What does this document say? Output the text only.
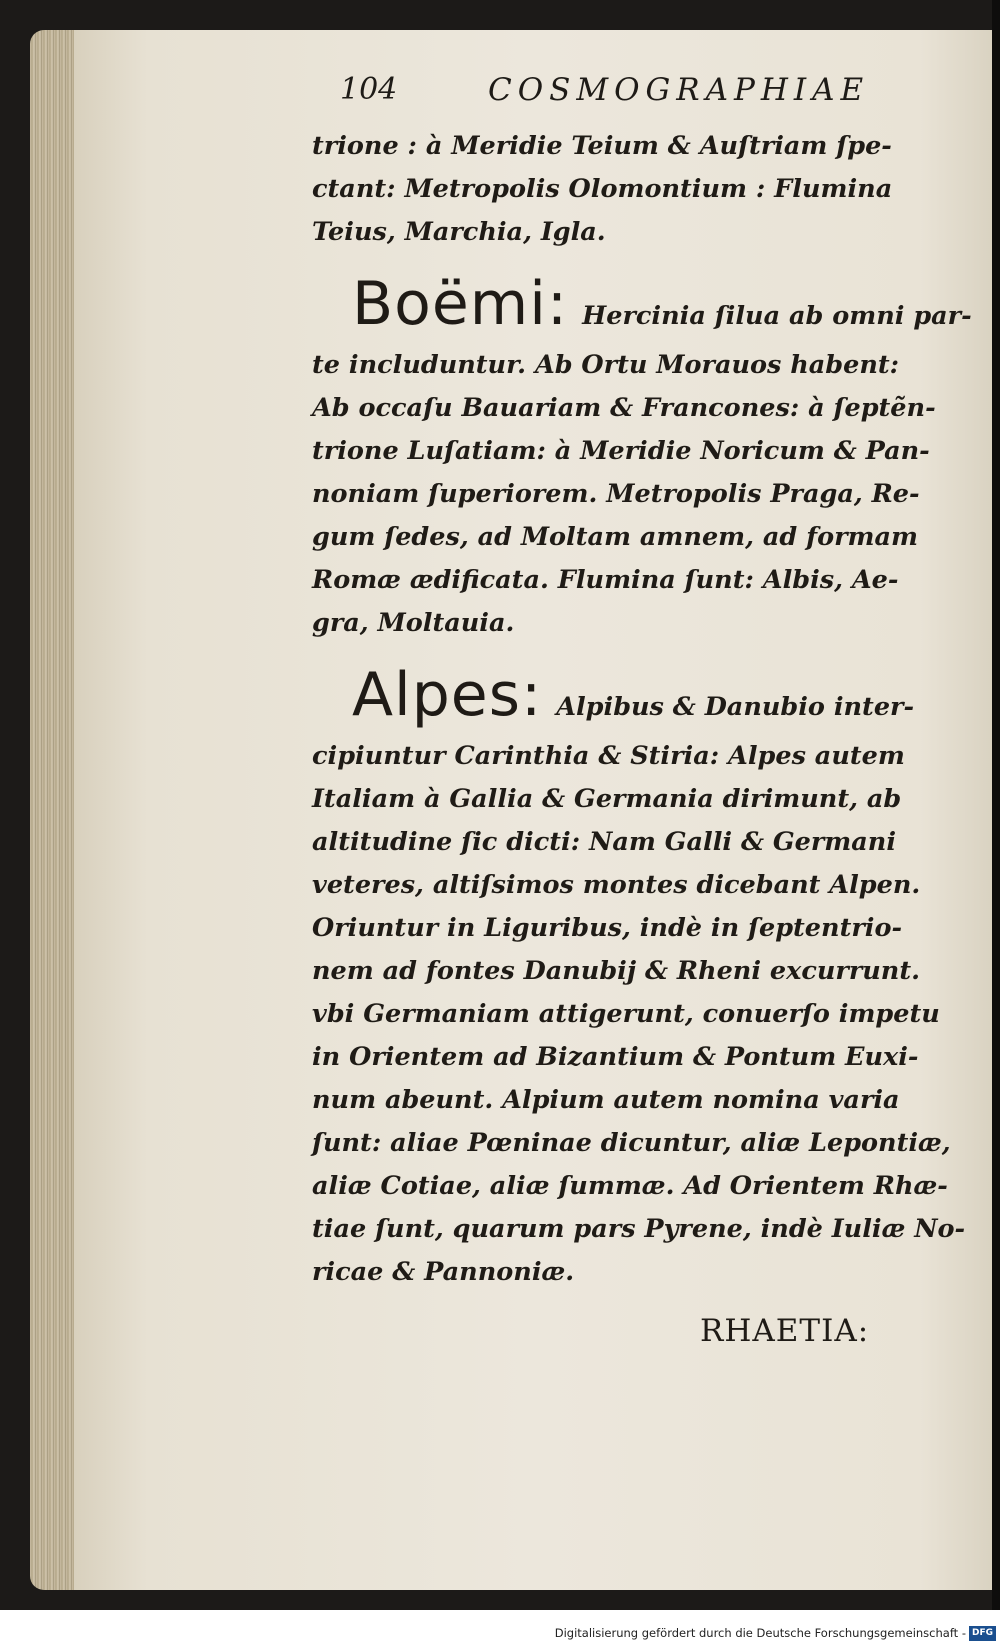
104	COSMOGRAPHIAE
trione : à Meridie Teium & Auſtriam ſpe-
ctant: Metropolis Olomontium : Flumina
Teius, Marchia, Igla.
Boëmi: Hercinia ſilua ab omni par-
te includuntur. Ab Ortu Morauos habent:
Ab occaſu Bauariam & Francones: à ſeptẽn-
trione Luſatiam: à Meridie Noricum & Pan-
noniam ſuperiorem. Metropolis Praga, Re-
gum ſedes, ad Moltam amnem, ad formam
Romæ ædificata. Flumina ſunt: Albis, Ae-
gra, Moltauia.
Alpes: Alpibus & Danubio inter-
cipiuntur Carinthia & Stiria: Alpes autem
Italiam à Gallia & Germania dirimunt, ab
altitudine ſic dicti: Nam Galli & Germani
veteres, altiſsimos montes dicebant Alpen.
Oriuntur in Liguribus, indè in ſeptentrio-
nem ad fontes Danubij & Rheni excurrunt.
vbi Germaniam attigerunt, conuerſo impetu
in Orientem ad Bizantium & Pontum Euxi-
num abeunt. Alpium autem nomina varia
ſunt: aliae Pœninae dicuntur, aliæ Lepontiæ,
aliæ Cotiae, aliæ ſummæ. Ad Orientem Rhæ-
tiae ſunt, quarum pars Pyrene, indè Iuliæ No-
ricae & Pannoniæ.
RHAETIA:
Digitalisierung gefördert durch die Deutsche Forschungsgemeinschaft - DFG
